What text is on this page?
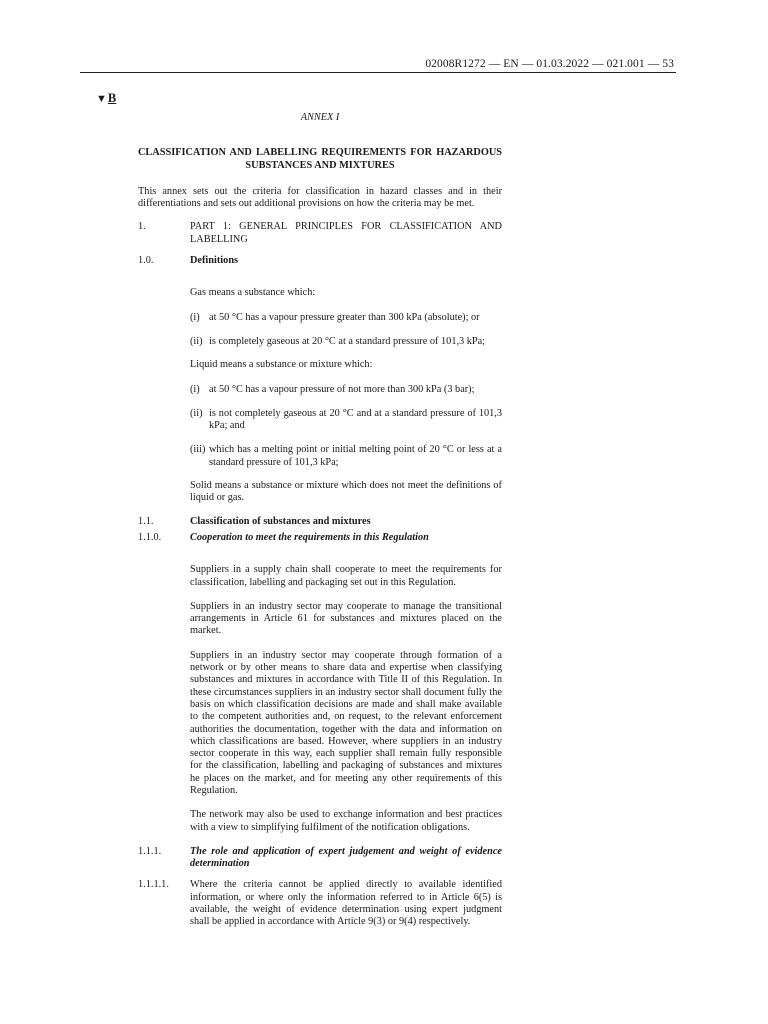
02008R1272 — EN — 01.03.2022 — 021.001 — 53
▼B
ANNEX I
CLASSIFICATION AND LABELLING REQUIREMENTS FOR HAZARDOUS SUBSTANCES AND MIXTURES

This annex sets out the criteria for classification in hazard classes and in their differentiations and sets out additional provisions on how the criteria may be met.

1.	PART 1: GENERAL PRINCIPLES FOR CLASSIFICATION AND LABELLING
1.0.	Definitions

Gas means a substance which:

(i) at 50 °C has a vapour pressure greater than 300 kPa (absolute); or
(ii) is completely gaseous at 20 °C at a standard pressure of 101,3 kPa;

Liquid means a substance or mixture which:

(i) at 50 °C has a vapour pressure of not more than 300 kPa (3 bar);
(ii) is not completely gaseous at 20 °C and at a standard pressure of 101,3 kPa; and
(iii) which has a melting point or initial melting point of 20 °C or less at a standard pressure of 101,3 kPa;

Solid means a substance or mixture which does not meet the definitions of liquid or gas.

1.1.	Classification of substances and mixtures
1.1.0.	Cooperation to meet the requirements in this Regulation

Suppliers in a supply chain shall cooperate to meet the requirements for classification, labelling and packaging set out in this Regulation.

Suppliers in an industry sector may cooperate to manage the transitional arrangements in Article 61 for substances and mixtures placed on the market.

Suppliers in an industry sector may cooperate through formation of a network or by other means to share data and expertise when classifying substances and mixtures in accordance with Title II of this Regulation. In these circumstances suppliers in an industry sector shall document fully the basis on which classification decisions are made and shall make available to the competent authorities and, on request, to the relevant enforcement authorities the documentation, together with the data and information on which classifications are based. However, where suppliers in an industry sector cooperate in this way, each supplier shall remain fully responsible for the classification, labelling and packaging of substances and mixtures he places on the market, and for meeting any other requirements of this Regulation.

The network may also be used to exchange information and best practices with a view to simplifying fulfilment of the notification obligations.

1.1.1.	The role and application of expert judgement and weight of evidence determination
1.1.1.1.	Where the criteria cannot be applied directly to available identified information, or where only the information referred to in Article 6(5) is available, the weight of evidence determination using expert judgment shall be applied in accordance with Article 9(3) or 9(4) respectively.
